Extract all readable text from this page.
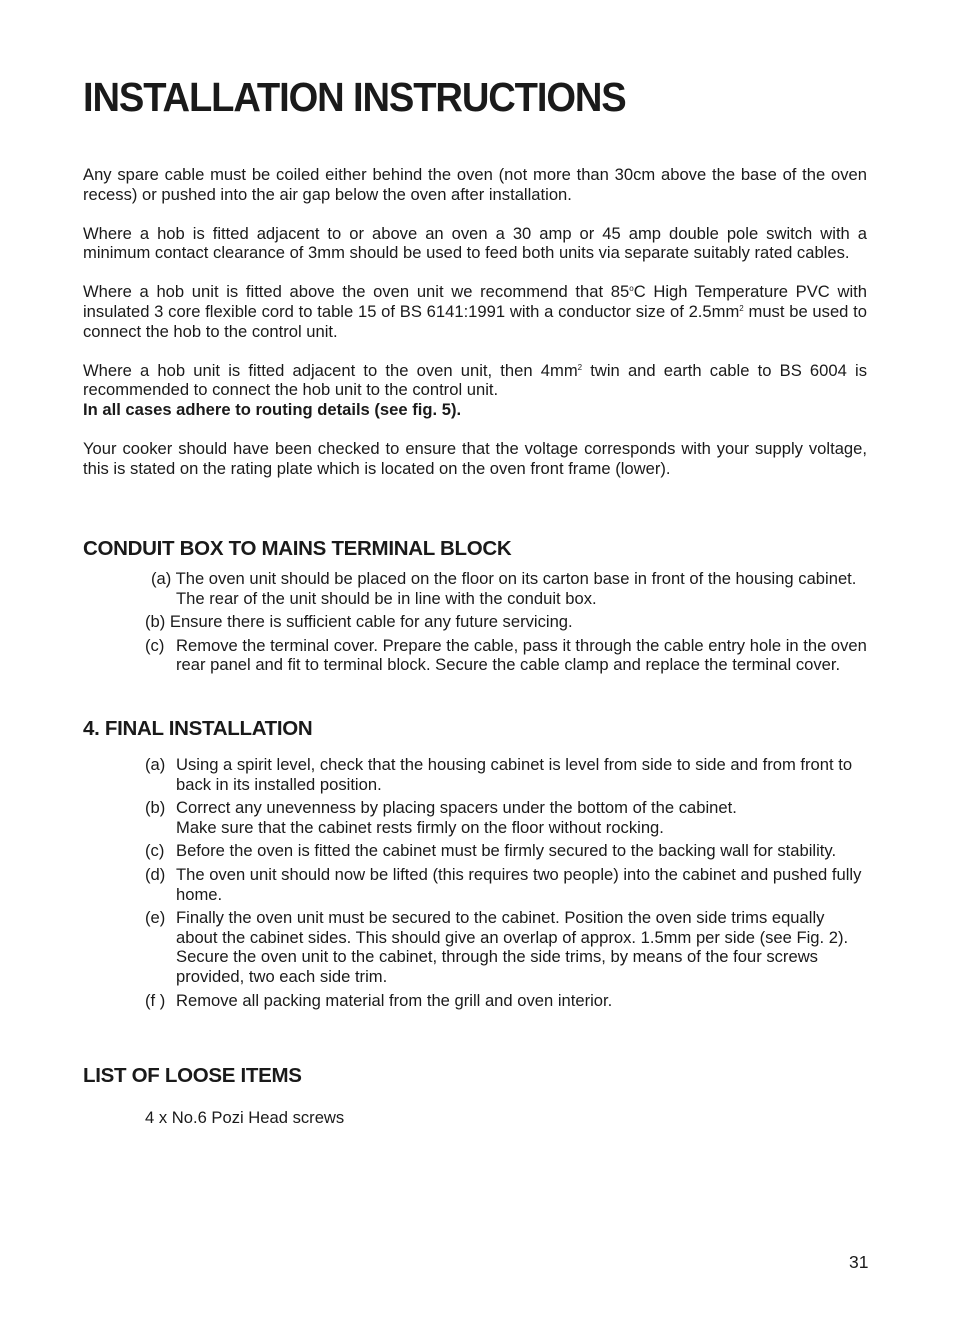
INSTALLATION INSTRUCTIONS

Any spare cable must be coiled either behind the oven (not more than 30cm above the base of the oven recess) or pushed into the air gap below the oven after installation.

Where a hob is fitted adjacent to or above an oven a 30 amp or 45 amp double pole switch with a minimum contact clearance of 3mm should be used to feed both units via separate suitably rated cables.

Where a hob unit is fitted above the oven unit we recommend that 85$^o$C High Temperature PVC with insulated 3 core flexible cord to table 15 of BS 6141:1991 with a conductor size of $2.5mm^2$ must be used to connect the hob to the control unit.

Where a hob unit is fitted adjacent to the oven unit, then $4mm^2$ twin and earth cable to BS 6004 is recommended to connect the hob unit to the control unit.
In all cases adhere to routing details (see fig. 5).

Your cooker should have been checked to ensure that the voltage corresponds with your supply voltage, this is stated on the rating plate which is located on the oven front frame (lower).

CONDUIT BOX TO MAINS TERMINAL BLOCK
(a) The oven unit should be placed on the floor on its carton base in front of the housing cabinet. The rear of the unit should be in line with the conduit box.
(b) Ensure there is sufficient cable for any future servicing.
(c) Remove the terminal cover. Prepare the cable, pass it through the cable entry hole in the oven rear panel and fit to terminal block. Secure the cable clamp and replace the terminal cover.
4. FINAL INSTALLATION
(a) Using a spirit level, check that the housing cabinet is level from side to side and from front to back in its installed position.
(b) Correct any unevenness by placing spacers under the bottom of the cabinet.
Make sure that the cabinet rests firmly on the floor without rocking.
(c) Before the oven is fitted the cabinet must be firmly secured to the backing wall for stability.
(d) The oven unit should now be lifted (this requires two people) into the cabinet and pushed fully home.
(e) Finally the oven unit must be secured to the cabinet. Position the oven side trims equally about the cabinet sides. This should give an overlap of approx. 1.5mm per side (see Fig. 2). Secure the oven unit to the cabinet, through the side trims, by means of the four screws provided, two each side trim.
(f ) Remove all packing material from the grill and oven interior.
LIST OF LOOSE ITEMS
4 x No.6 Pozi Head screws
31
